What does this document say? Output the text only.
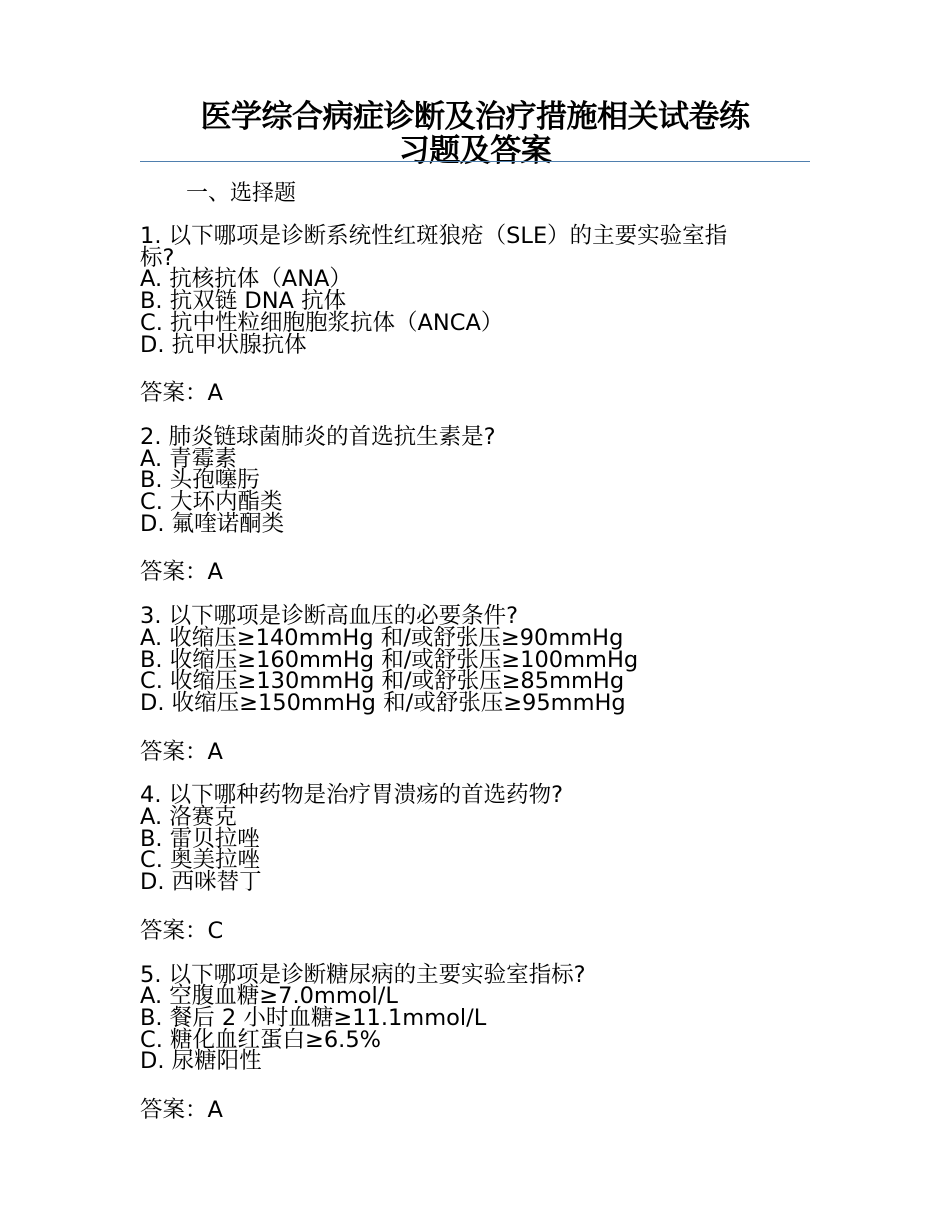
医学综合病症诊断及治疗措施相关试卷练
习题及答案
一、选择题
1. 以下哪项是诊断系统性红斑狼疮（SLE）的主要实验室指
标?
A. 抗核抗体（ANA）
B. 抗双链 DNA 抗体
C. 抗中性粒细胞胞浆抗体（ANCA）
D. 抗甲状腺抗体
答案：A
2. 肺炎链球菌肺炎的首选抗生素是?
A. 青霉素
B. 头孢噻肟
C. 大环内酯类
D. 氟喹诺酮类
答案：A
3. 以下哪项是诊断高血压的必要条件?
A. 收缩压≥140mmHg 和/或舒张压≥90mmHg
B. 收缩压≥160mmHg 和/或舒张压≥100mmHg
C. 收缩压≥130mmHg 和/或舒张压≥85mmHg
D. 收缩压≥150mmHg 和/或舒张压≥95mmHg
答案：A
4. 以下哪种药物是治疗胃溃疡的首选药物?
A. 洛赛克
B. 雷贝拉唑
C. 奥美拉唑
D. 西咪替丁
答案：C
5. 以下哪项是诊断糖尿病的主要实验室指标?
A. 空腹血糖≥7.0mmol/L
B. 餐后 2 小时血糖≥11.1mmol/L
C. 糖化血红蛋白≥6.5%
D. 尿糖阳性
答案：A
